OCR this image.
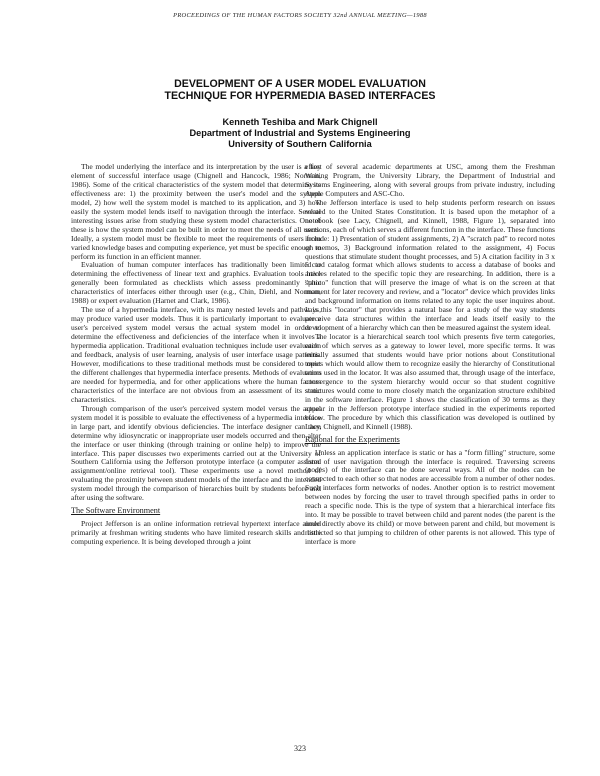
PROCEEDINGS OF THE HUMAN FACTORS SOCIETY 32nd ANNUAL MEETING—1988
DEVELOPMENT OF A USER MODEL EVALUATION
TECHNIQUE FOR HYPERMEDIA BASED INTERFACES
Kenneth Teshiba and Mark Chignell
Department of Industrial and Systems Engineering
University of Southern California

The model underlying the interface and its interpretation by the user is a key element of successful interface usage (Chignell and Hancock, 1986; Norman, 1986). Some of the critical characteristics of the system model that determine its effectiveness are: 1) the proximity between the user's model and the system model, 2) how well the system model is matched to its application, and 3) how easily the system model lends itself to navigation through the interface. Several interesting issues arise from studying these system model characteristics. One of these is how the system model can be built in order to meet the needs of all users. Ideally, a system model must be flexible to meet the requirements of users from varied knowledge bases and computing experience, yet must be specific enough to perform its function in an efficient manner.

Evaluation of human computer interfaces has traditionally been limited to determining the effectiveness of linear text and graphics. Evaluation tools have generally been formulated as checklists which assess predominantly static characteristics of interfaces either through user (e.g., Chin, Diehl, and Norman, 1988) or expert evaluation (Harnet and Clark, 1986).

The use of a hypermedia interface, with its many nested levels and pathways, may produce varied user models. Thus it is particularly important to evaluate a user's perceived system model versus the actual system model in order to determine the effectiveness and deficiencies of the interface when it involves a hypermedia application. Traditional evaluation techniques include user evaluation and feedback, analysis of user learning, analysis of user interface usage patterns. However, modifications to these traditional methods must be considered to meet the different challenges that hypermedia interface presents. Methods of evaluation are needed for hypermedia, and for other applications where the human factors characteristics of the interface are not obvious from an assessment of its static characteristics.

Through comparison of the user's perceived system model versus the actual system model it is possible to evaluate the effectiveness of a hypermedia interface in large part, and identify obvious deficiencies. The interface designer can then determine why idiosyncratic or inappropriate user models occurred and then alter the interface or user thinking (through training or online help) to improve the interface. This paper discusses two experiments carried out at the University of Southern California using the Jefferson prototype interface (a computer assisted assignment/online retrieval tool). These experiments use a novel method of evaluating the proximity between student models of the interface and the intended system model through the comparison of hierarchies built by students before and after using the software.

The Software Environment

Project Jefferson is an online information retrieval hypertext interface aimed primarily at freshman writing students who have limited research skills and little computing experience. It is being developed through a joint

effort of several academic departments at USC, among them the Freshman Writing Program, the University Library, the Department of Industrial and Systems Engineering, along with several groups from private industry, including Apple Computers and ASC-Cho.

The Jefferson interface is used to help students perform research on issues related to the United States Constitution. It is based upon the metaphor of a notebook (see Lacy, Chignell, and Kinnell, 1988, Figure 1), separated into sections, each of which serves a different function in the interface. These functions include: 1) Presentation of student assignments, 2) A "scratch pad" to record notes or memos, 3) Background information related to the assignment, 4) Focus questions that stimulate student thought processes, and 5) A citation facility in 3 x 5 card catalog format which allows students to access a database of books and articles related to the specific topic they are researching. In addition, there is a "photo" function that will preserve the image of what is on the screen at that moment for later recovery and review, and a "locator" device which provides links and background information on items related to any topic the user inquires about. It is this "locator" that provides a natural base for a study of the way students perceive data structures within the interface and leads itself easily to the development of a hierarchy which can then be measured against the system ideal.

The locator is a hierarchical search tool which presents five term categories, each of which serves as a gateway to lower level, more specific terms. It was initially assumed that students would have prior notions about Constitutional topics which would allow them to recognize easily the hierarchy of Constitutional terms used in the locator. It was also assumed that, through usage of the interface, convergence to the system hierarchy would occur so that student cognitive structures would come to more closely match the organization structure exhibited in the software interface. Figure 1 shows the classification of 30 terms as they appear in the Jefferson prototype interface studied in the experiments reported below. The procedure by which this classification was developed is outlined by Lacy, Chignell, and Kinnell (1988).

Rational for the Experiments

Unless an application interface is static or has a "form filling" structure, some form of user navigation through the interface is required. Traversing screens (nodes) of the interface can be done several ways. All of the nodes can be connected to each other so that nodes are accessible from a number of other nodes. Such interfaces form networks of nodes. Another option is to restrict movement between nodes by forcing the user to travel through specified paths in order to reach a specific node. This is the type of system that a hierarchical interface fits into. It may be possible to travel between child and parent nodes (the parent is the node directly above its child) or move between parent and child, but movement is restricted so that jumping to children of other parents is not allowed. This type of interface is more

323
